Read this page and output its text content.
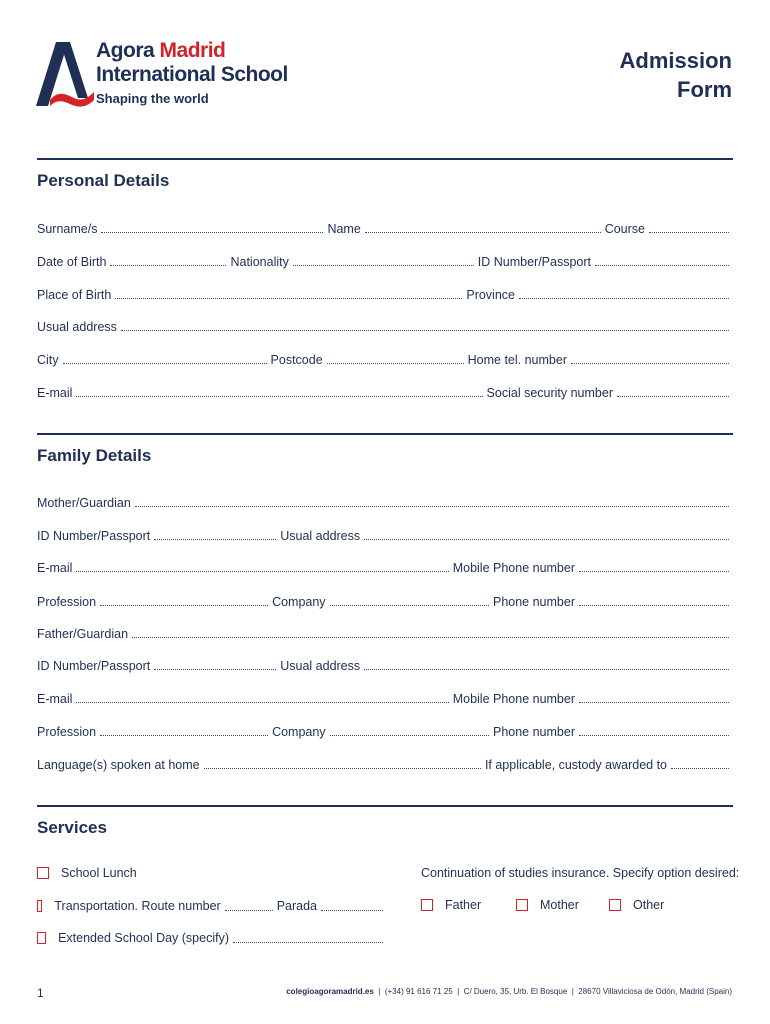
Agora Madrid
International School
Shaping the world
Admission
Form
Personal Details
Surname/s	Name	Course
Date of Birth	Nationality	ID Number/Passport
Place of Birth	Province
Usual address
City	Postcode	Home tel. number
E-mail	Social security number
Family Details
Mother/Guardian
ID Number/Passport	Usual address
E-mail	Mobile Phone number
Profession	Company	Phone number
Father/Guardian
ID Number/Passport	Usual address
E-mail	Mobile Phone number
Profession	Company	Phone number
Language(s) spoken at home	If applicable, custody awarded to
Services
School Lunch
Transportation. Route number	Parada
Extended School Day (specify)
Continuation of studies insurance. Specify option desired:
Father	Mother	Other
1	colegioagoramadrid.es  |  (+34) 91 616 71 25  |  C/ Duero, 35, Urb. El Bosque  |  28670 Villaviciosa de Odón, Madrid (Spain)
